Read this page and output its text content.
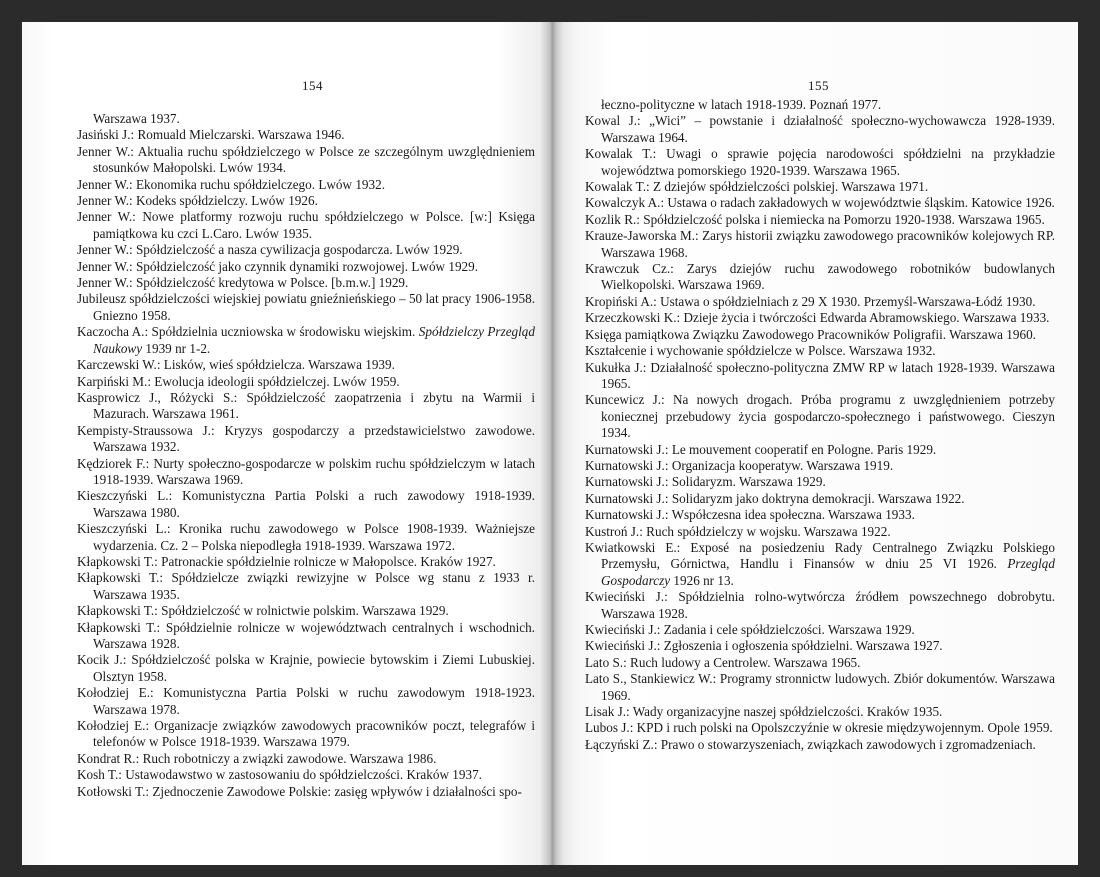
154
Warszawa 1937.
Jasiński J.: Romuald Mielczarski. Warszawa 1946.
Jenner W.: Aktualia ruchu spółdzielczego w Polsce ze szczególnym uwzględnieniem stosunków Małopolski. Lwów 1934.
Jenner W.: Ekonomika ruchu spółdzielczego. Lwów 1932.
Jenner W.: Kodeks spółdzielczy. Lwów 1926.
Jenner W.: Nowe platformy rozwoju ruchu spółdzielczego w Polsce. [w:] Księga pamiątkowa ku czci L.Caro. Lwów 1935.
Jenner W.: Spółdzielczość a nasza cywilizacja gospodarcza. Lwów 1929.
Jenner W.: Spółdzielczość jako czynnik dynamiki rozwojowej. Lwów 1929.
Jenner W.: Spółdzielczość kredytowa w Polsce. [b.m.w.] 1929.
Jubileusz spółdzielczości wiejskiej powiatu gnieźnieńskiego – 50 lat pracy 1906-1958. Gniezno 1958.
Kaczocha A.: Spółdzielnia uczniowska w środowisku wiejskim. Spółdzielczy Przegląd Naukowy 1939 nr 1-2.
Karczewski W.: Lisków, wieś spółdzielcza. Warszawa 1939.
Karpiński M.: Ewolucja ideologii spółdzielczej. Lwów 1959.
Kasprowicz J., Różycki S.: Spółdzielczość zaopatrzenia i zbytu na Warmii i Mazurach. Warszawa 1961.
Kempisty-Straussowa J.: Kryzys gospodarczy a przedstawicielstwo zawodowe. Warszawa 1932.
Kędziorek F.: Nurty społeczno-gospodarcze w polskim ruchu spółdzielczym w latach 1918-1939. Warszawa 1969.
Kieszczyński L.: Komunistyczna Partia Polski a ruch zawodowy 1918-1939. Warszawa 1980.
Kieszczyński L.: Kronika ruchu zawodowego w Polsce 1908-1939. Ważniejsze wydarzenia. Cz. 2 – Polska niepodległa 1918-1939. Warszawa 1972.
Kłapkowski T.: Patronackie spółdzielnie rolnicze w Małopolsce. Kraków 1927.
Kłapkowski T.: Spółdzielcze związki rewizyjne w Polsce wg stanu z 1933 r. Warszawa 1935.
Kłapkowski T.: Spółdzielczość w rolnictwie polskim. Warszawa 1929.
Kłapkowski T.: Spółdzielnie rolnicze w województwach centralnych i wschodnich. Warszawa 1928.
Kocik J.: Spółdzielczość polska w Krajnie, powiecie bytowskim i Ziemi Lubuskiej. Olsztyn 1958.
Kołodziej E.: Komunistyczna Partia Polski w ruchu zawodowym 1918-1923. Warszawa 1978.
Kołodziej E.: Organizacje związków zawodowych pracowników poczt, telegrafów i telefonów w Polsce 1918-1939. Warszawa 1979.
Kondrat R.: Ruch robotniczy a związki zawodowe. Warszawa 1986.
Kosh T.: Ustawodawstwo w zastosowaniu do spółdzielczości. Kraków 1937.
Kotłowski T.: Zjednoczenie Zawodowe Polskie: zasięg wpływów i działalności spo-
155
łeczno-polityczne w latach 1918-1939. Poznań 1977.
Kowal J.: „Wici” – powstanie i działalność społeczno-wychowawcza 1928-1939. Warszawa 1964.
Kowalak T.: Uwagi o sprawie pojęcia narodowości spółdzielni na przykładzie województwa pomorskiego 1920-1939. Warszawa 1965.
Kowalak T.: Z dziejów spółdzielczości polskiej. Warszawa 1971.
Kowalczyk A.: Ustawa o radach zakładowych w województwie śląskim. Katowice 1926.
Kozlik R.: Spółdzielczość polska i niemiecka na Pomorzu 1920-1938. Warszawa 1965.
Krauze-Jaworska M.: Zarys historii związku zawodowego pracowników kolejowych RP. Warszawa 1968.
Krawczuk Cz.: Zarys dziejów ruchu zawodowego robotników budowlanych Wielkopolski. Warszawa 1969.
Kropiński A.: Ustawa o spółdzielniach z 29 X 1930. Przemyśl-Warszawa-Łódź 1930.
Krzeczkowski K.: Dzieje życia i twórczości Edwarda Abramowskiego. Warszawa 1933.
Księga pamiątkowa Związku Zawodowego Pracowników Poligrafii. Warszawa 1960.
Kształcenie i wychowanie spółdzielcze w Polsce. Warszawa 1932.
Kukułka J.: Działalność społeczno-polityczna ZMW RP w latach 1928-1939. Warszawa 1965.
Kuncewicz J.: Na nowych drogach. Próba programu z uwzględnieniem potrzeby koniecznej przebudowy życia gospodarczo-społecznego i państwowego. Cieszyn 1934.
Kurnatowski J.: Le mouvement cooperatif en Pologne. Paris 1929.
Kurnatowski J.: Organizacja kooperatyw. Warszawa 1919.
Kurnatowski J.: Solidaryzm. Warszawa 1929.
Kurnatowski J.: Solidaryzm jako doktryna demokracji. Warszawa 1922.
Kurnatowski J.: Współczesna idea społeczna. Warszawa 1933.
Kustroń J.: Ruch spółdzielczy w wojsku. Warszawa 1922.
Kwiatkowski E.: Exposé na posiedzeniu Rady Centralnego Związku Polskiego Przemysłu, Górnictwa, Handlu i Finansów w dniu 25 VI 1926. Przegląd Gospodarczy 1926 nr 13.
Kwieciński J.: Spółdzielnia rolno-wytwórcza źródłem powszechnego dobrobytu. Warszawa 1928.
Kwieciński J.: Zadania i cele spółdzielczości. Warszawa 1929.
Kwieciński J.: Zgłoszenia i ogłoszenia spółdzielni. Warszawa 1927.
Lato S.: Ruch ludowy a Centrolew. Warszawa 1965.
Lato S., Stankiewicz W.: Programy stronnictw ludowych. Zbiór dokumentów. Warszawa 1969.
Lisak J.: Wady organizacyjne naszej spółdzielczości. Kraków 1935.
Lubos J.: KPD i ruch polski na Opolszczyźnie w okresie międzywojennym. Opole 1959.
Łączyński Z.: Prawo o stowarzyszeniach, związkach zawodowych i zgromadzeniach.
